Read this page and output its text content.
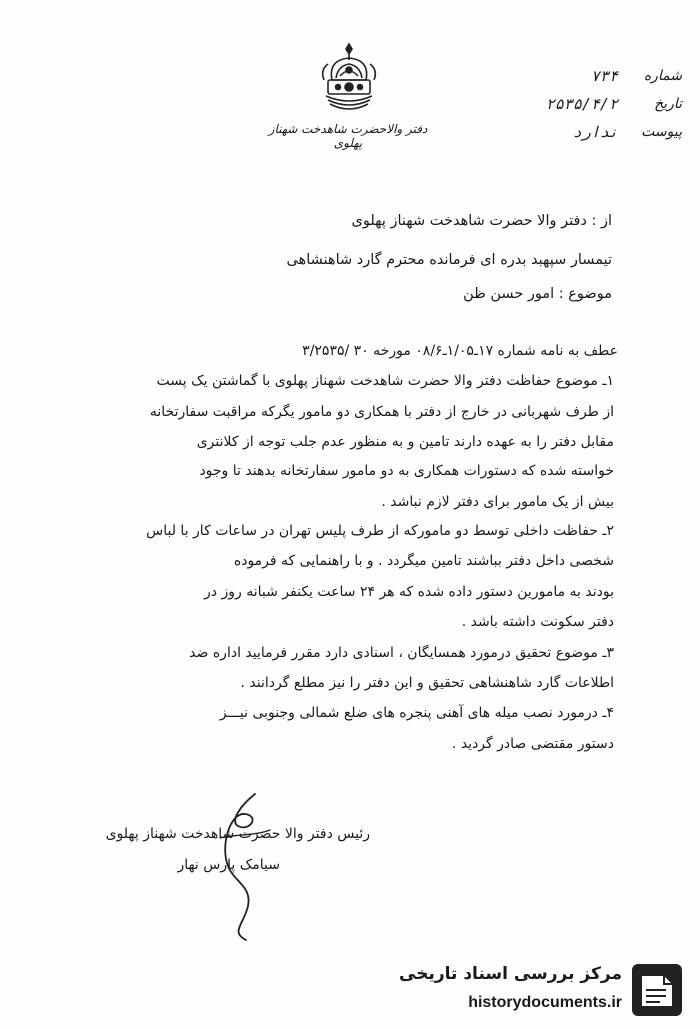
دفتر والاحضرت شاهدخت شهناز پهلوی
شماره
۷۳۴
تاریخ
۲۵۳۵/۴/۲
پیوست
ندارد
از : دفتر والا حضرت شاهدخت شهناز پهلوی
تیمسار سپهبد بدره ای فرمانده محترم گارد شاهنشاهی
موضوع : امور حسن ظن
عطف به نامه شماره ۱۷ـ۱/۰۵ـ۰۸/۶ مورخه ۳۰ /۳/۲۵۳۵
۱ـ موضوع حفاظت دفتر والا حضرت شاهدخت شهناز پهلوی با گماشتن یک پست
از طرف شهربانی در خارج از دفتر با همکاری دو مامور یگرکه مراقبت سفارتخانه
مقابل دفتر را به عهده دارند تامین و به منظور عدم جلب توجه از کلانتری
خواسته شده که دستورات همکاری به دو مامور سفارتخانه بدهند تا وجود
بیش از یک مامور برای دفتر لازم نباشد .
۲ـ حفاظت داخلی توسط دو مامورکه از طرف پلیس تهران در ساعات کار با لباس
شخصی داخل دفتر بباشند تامین میگردد . و با راهنمایی که فرموده
بودند به مامورین دستور داده شده که هر ۲۴ ساعت یکنفر شبانه روز در
دفتر سکونت داشته باشد .
۳ـ موضوع تحقیق درمورد همسایگان ، اسنادی دارد مقرر فرمایید اداره ضد
اطلاعات گارد شاهنشاهی تحقیق و این دفتر را نیز مطلع گردانند .
۴ـ درمورد نصب میله های آهنی پنجره های ضلع شمالی وجنوبی نیـــز
دستور مقتضی صادر گردید .
رئیس دفتر والا حضرت شاهدخت شهناز پهلوی
سیامک پارس نهار
مرکز بررسی اسناد تاریخی
historydocuments.ir
